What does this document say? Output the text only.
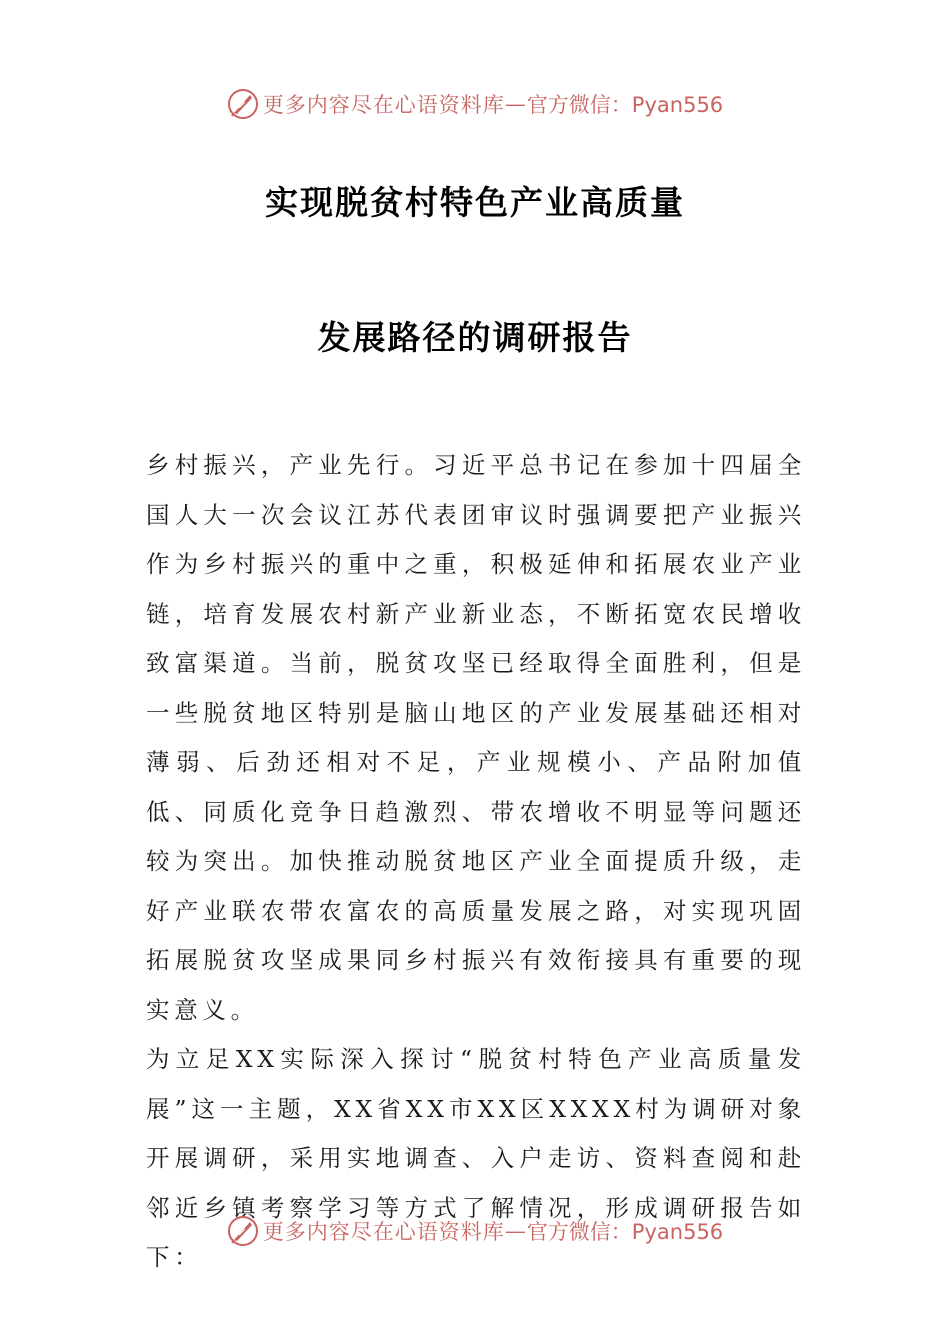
更多内容尽在心语资料库 — 官方微信：Pyan556
实现脱贫村特色产业高质量
发展路径的调研报告

乡村振兴，产业先行。习近平总书记在参加十四届全国人大一次会议江苏代表团审议时强调要把产业振兴作为乡村振兴的重中之重，积极延伸和拓展农业产业链，培育发展农村新产业新业态，不断拓宽农民增收致富渠道。当前，脱贫攻坚已经取得全面胜利，但是一些脱贫地区特别是脑山地区的产业发展基础还相对薄弱、后劲还相对不足，产业规模小、产品附加值低、同质化竞争日趋激烈、带农增收不明显等问题还较为突出。加快推动脱贫地区产业全面提质升级，走好产业联农带农富农的高质量发展之路，对实现巩固拓展脱贫攻坚成果同乡村振兴有效衔接具有重要的现实意义。

为立足XX实际深入探讨“脱贫村特色产业高质量发展”这一主题，XX省XX市XX区XXXX村为调研对象开展调研，采用实地调查、入户走访、资料查阅和赴邻近乡镇考察学习等方式了解情况，形成调研报告如下：

更多内容尽在心语资料库 — 官方微信：Pyan556
